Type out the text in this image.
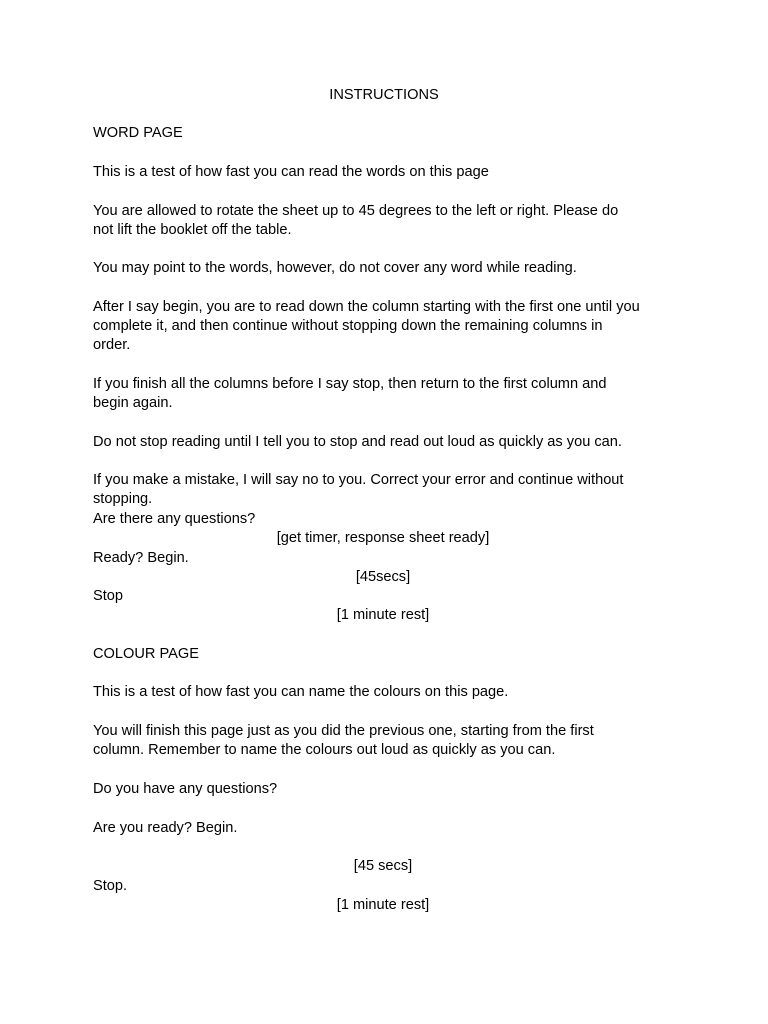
INSTRUCTIONS
WORD PAGE
This is a test of how fast you can read the words on this page
You are allowed to rotate the sheet up to 45 degrees to the left or right. Please do
not lift the booklet off the table.
You may point to the words, however, do not cover any word while reading.
After I say begin, you are to read down the column starting with the first one until you
complete it, and then continue without stopping down the remaining columns in
order.
If you finish all the columns before I say stop, then return to the first column and
begin again.
Do not stop reading until I tell you to stop and read out loud as quickly as you can.
If you make a mistake, I will say no to you. Correct your error and continue without
stopping.
Are there any questions?
[get timer, response sheet ready]
Ready? Begin.
[45secs]
Stop
[1 minute rest]
COLOUR PAGE
This is a test of how fast you can name the colours on this page.
You will finish this page just as you did the previous one, starting from the first
column. Remember to name the colours out loud as quickly as you can.
Do you have any questions?
Are you ready? Begin.
[45 secs]
Stop.
[1 minute rest]
